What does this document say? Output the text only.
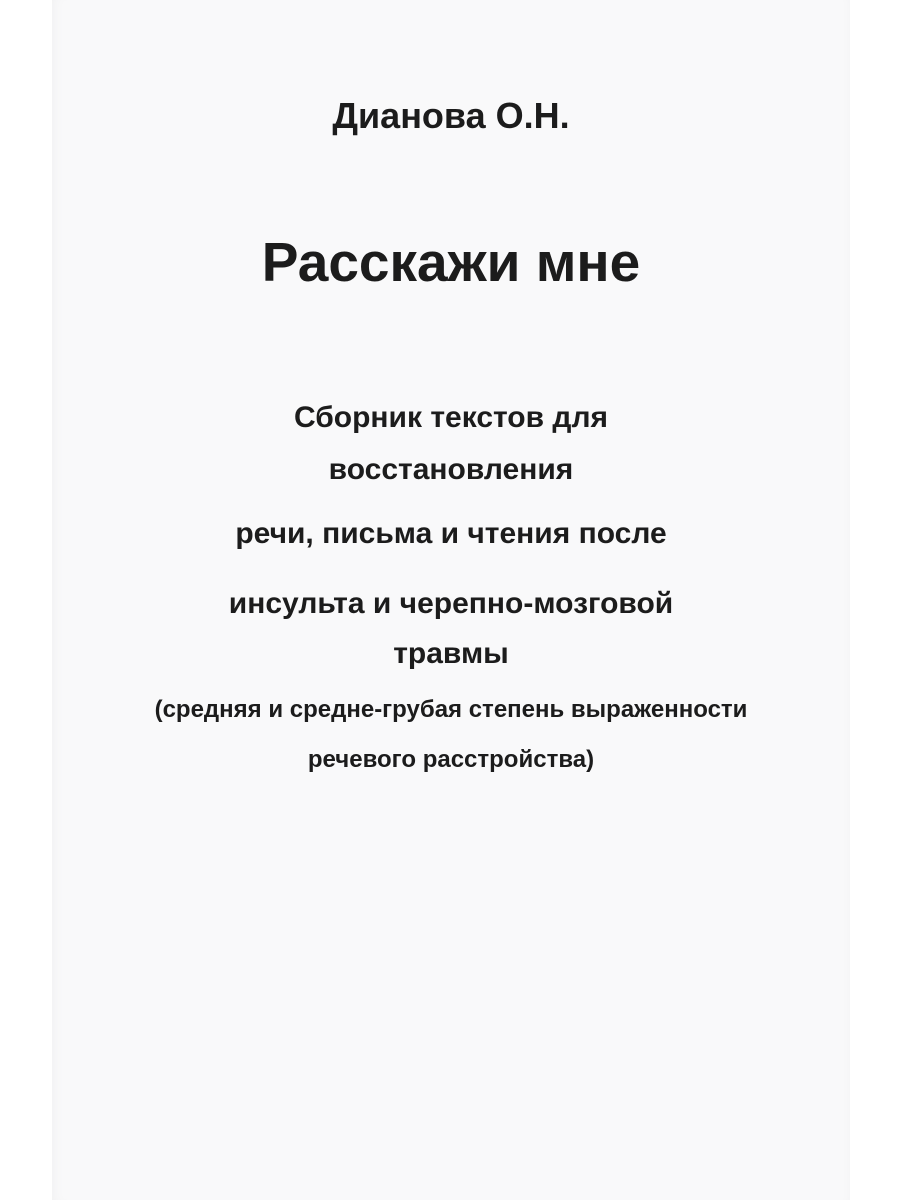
Дианова О.Н.
Расскажи мне
Сборник текстов для
восстановления
речи, письма и чтения после
инсульта и черепно-мозговой
травмы
(средняя и средне-грубая степень выраженности
речевого расстройства)
